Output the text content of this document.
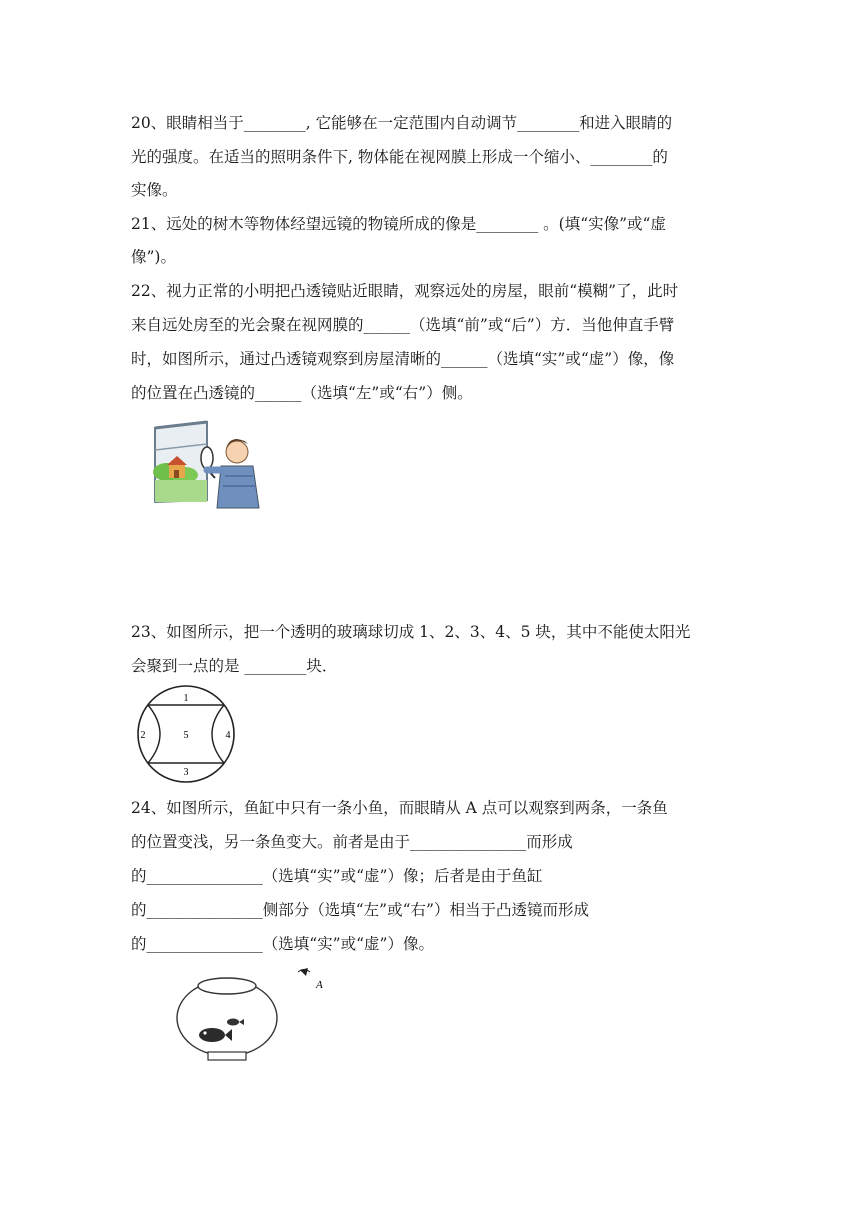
20、眼睛相当于________, 它能够在一定范围内自动调节________和进入眼睛的
光的强度。在适当的照明条件下, 物体能在视网膜上形成一个缩小、________的
实像。
21、远处的树木等物体经望远镜的物镜所成的像是________ 。(填“实像”或“虚
像”)。
22、视力正常的小明把凸透镜贴近眼睛，观察远处的房屋，眼前“模糊”了，此时
来自远处房至的光会聚在视网膜的______（选填“前”或“后”）方．当他伸直手臂
时，如图所示，通过凸透镜观察到房屋清晰的______（选填“实”或“虚”）像，像
的位置在凸透镜的______（选填“左”或“右”）侧。
23、如图所示，把一个透明的玻璃球切成 1、2、3、4、5 块，其中不能使太阳光
会聚到一点的是 ________块．
1
2	5	4
3
24、如图所示，鱼缸中只有一条小鱼，而眼睛从 A 点可以观察到两条，一条鱼
的位置变浅，另一条鱼变大。前者是由于_______________而形成
的_______________（选填“实”或“虚”）像；后者是由于鱼缸
的_______________侧部分（选填“左”或“右”）相当于凸透镜而形成
的_______________（选填“实”或“虚”）像。
A
